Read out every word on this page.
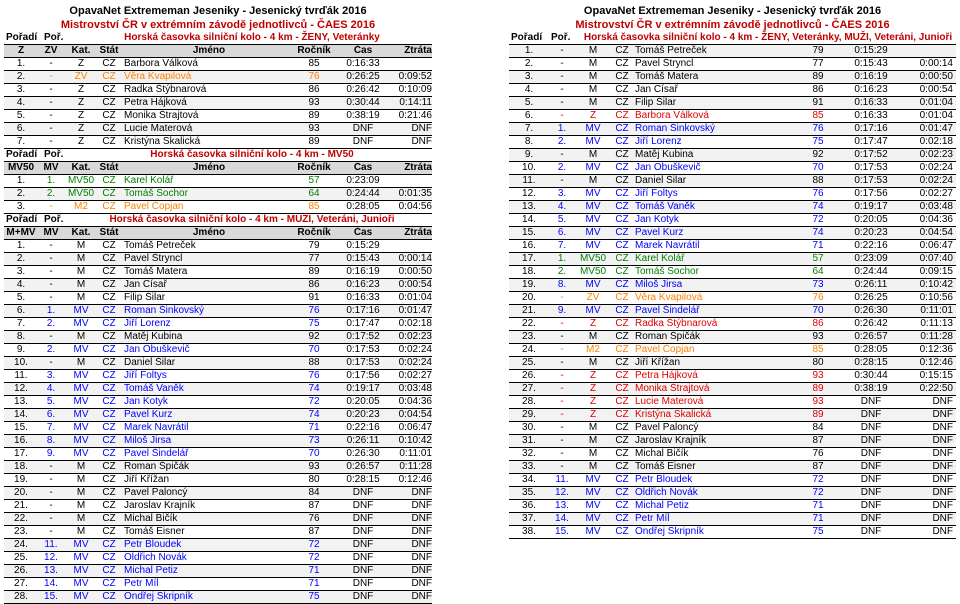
OpavaNet Extrememan Jeseniky - Jesenický tvrďák 2016
Mistrovství ČR v extrémním závodě jednotlivců - ČAES 2016
Pořadí Poř.	Horská časovka silniční kolo - 4 km - ŽENY, Veteránky
Z	ZV	Kat. Stát	Jméno	Ročník	Čas	Ztráta
1.	-	Z	CZ Barbora Válková	85	0:16:33
2.	-	ZV	CZ Věra Kvapilová	76	0:26:25	0:09:52
3.	-	Z	CZ Radka Štýbnarová	86	0:26:42	0:10:09
4.	-	Z	CZ Petra Hájková	93	0:30:44	0:14:11
5.	-	Z	CZ Monika Štrajtová	89	0:38:19	0:21:46
6.	-	Z	CZ Lucie Materová	93	DNF	DNF
7.	-	Z	CZ Kristýna Skalická	89	DNF	DNF
Pořadí Poř.	Horská časovka silniční kolo - 4 km - MV50
MV50 MV	Kat. Stát	Jméno	Ročník	Čas	Ztráta
1.	1.	MV50 CZ Karel Kolář	57	0:23:09
2.	2.	MV50 CZ Tomáš Sochor	64	0:24:44	0:01:35
3.	-	M2	CZ Pavel Čopjan	85	0:28:05	0:04:56
Pořadí Poř.	Horská časovka silniční kolo - 4 km - MUŽI, Veteráni, Junioři
M+MV MV	Kat. Stát	Jméno	Ročník	Čas	Ztráta
1.	-	M	CZ Tomáš Petreček	79	0:15:29
2.	-	M	CZ Pavel Štryncl	77	0:15:43	0:00:14
3.	-	M	CZ Tomáš Matera	89	0:16:19	0:00:50
4.	-	M	CZ Jan Císař	86	0:16:23	0:00:54
5.	-	M	CZ Filip Šilar	91	0:16:33	0:01:04
6.	1.	MV	CZ Roman Šinkovský	76	0:17:16	0:01:47
7.	2.	MV	CZ Jiří Lorenz	75	0:17:47	0:02:18
8.	-	M	CZ Matěj Kubina	92	0:17:52	0:02:23
9.	2.	MV	CZ Jan Obuškevič	70	0:17:53	0:02:24
10.	-	M	CZ Daniel Šilar	88	0:17:53	0:02:24
11.	3.	MV	CZ Jiří Foltys	76	0:17:56	0:02:27
12.	4.	MV	CZ Tomáš Vaněk	74	0:19:17	0:03:48
13.	5.	MV	CZ Jan Kotyk	72	0:20:05	0:04:36
14.	6.	MV	CZ Pavel Kurz	74	0:20:23	0:04:54
15.	7.	MV	CZ Marek Navrátil	71	0:22:16	0:06:47
16.	8.	MV	CZ Miloš Jirsa	73	0:26:11	0:10:42
17.	9.	MV	CZ Pavel Šindelář	70	0:26:30	0:11:01
18.	-	M	CZ Roman Špičák	93	0:26:57	0:11:28
19.	-	M	CZ Jiří Křížan	80	0:28:15	0:12:46
20.	-	M	CZ Pavel Paloncý	84	DNF	DNF
21.	-	M	CZ Jaroslav Krajník	87	DNF	DNF
22.	-	M	CZ Michal Bičík	76	DNF	DNF
23.	-	M	CZ Tomáš Eisner	87	DNF	DNF
24.	11.	MV	CZ Petr Bloudek	72	DNF	DNF
25.	12.	MV	CZ Oldřich Novák	72	DNF	DNF
26.	13.	MV	CZ Michal Petiz	71	DNF	DNF
27.	14.	MV	CZ Petr Míl	71	DNF	DNF
28.	15.	MV	CZ Ondřej Skripník	75	DNF	DNF
OpavaNet Extrememan Jeseniky - Jesenický tvrďák 2016
Mistrovství ČR v extrémním závodě jednotlivců - ČAES 2016
Pořadí Poř.	Horská časovka silniční kolo - 4 km - ŽENY, Veteránky, MUŽI, Veteráni, Junioři
1.	-	M	CZ Tomáš Petreček	79	0:15:29
2.	-	M	CZ Pavel Štryncl	77	0:15:43	0:00:14
3.	-	M	CZ Tomáš Matera	89	0:16:19	0:00:50
4.	-	M	CZ Jan Císař	86	0:16:23	0:00:54
5.	-	M	CZ Filip Šilar	91	0:16:33	0:01:04
6.	-	Z	CZ Barbora Válková	85	0:16:33	0:01:04
7.	1.	MV	CZ Roman Šinkovský	76	0:17:16	0:01:47
8.	2.	MV	CZ Jiří Lorenz	75	0:17:47	0:02:18
9.	-	M	CZ Matěj Kubina	92	0:17:52	0:02:23
10.	2.	MV	CZ Jan Obuškevič	70	0:17:53	0:02:24
11.	-	M	CZ Daniel Šilar	88	0:17:53	0:02:24
12.	3.	MV	CZ Jiří Foltys	76	0:17:56	0:02:27
13.	4.	MV	CZ Tomáš Vaněk	74	0:19:17	0:03:48
14.	5.	MV	CZ Jan Kotyk	72	0:20:05	0:04:36
15.	6.	MV	CZ Pavel Kurz	74	0:20:23	0:04:54
16.	7.	MV	CZ Marek Navrátil	71	0:22:16	0:06:47
17.	1.	MV50 CZ Karel Kolář	57	0:23:09	0:07:40
18.	2.	MV50 CZ Tomáš Sochor	64	0:24:44	0:09:15
19.	8.	MV	CZ Miloš Jirsa	73	0:26:11	0:10:42
20.	-	ZV	CZ Věra Kvapilová	76	0:26:25	0:10:56
21.	9.	MV	CZ Pavel Šindelář	70	0:26:30	0:11:01
22.	-	Z	CZ Radka Štýbnarová	86	0:26:42	0:11:13
23.	-	M	CZ Roman Špičák	93	0:26:57	0:11:28
24.	-	M2	CZ Pavel Čopjan	85	0:28:05	0:12:36
25.	-	M	CZ Jiří Křížan	80	0:28:15	0:12:46
26.	-	Z	CZ Petra Hájková	93	0:30:44	0:15:15
27.	-	Z	CZ Monika Štrajtová	89	0:38:19	0:22:50
28.	-	Z	CZ Lucie Materová	93	DNF	DNF
29.	-	Z	CZ Kristýna Skalická	89	DNF	DNF
30.	-	M	CZ Pavel Paloncý	84	DNF	DNF
31.	-	M	CZ Jaroslav Krajník	87	DNF	DNF
32.	-	M	CZ Michal Bičík	76	DNF	DNF
33.	-	M	CZ Tomáš Eisner	87	DNF	DNF
34.	11.	MV	CZ Petr Bloudek	72	DNF	DNF
35.	12.	MV	CZ Oldřich Novák	72	DNF	DNF
36.	13.	MV	CZ Michal Petiz	71	DNF	DNF
37.	14.	MV	CZ Petr Míl	71	DNF	DNF
38.	15.	MV	CZ Ondřej Skripník	75	DNF	DNF
